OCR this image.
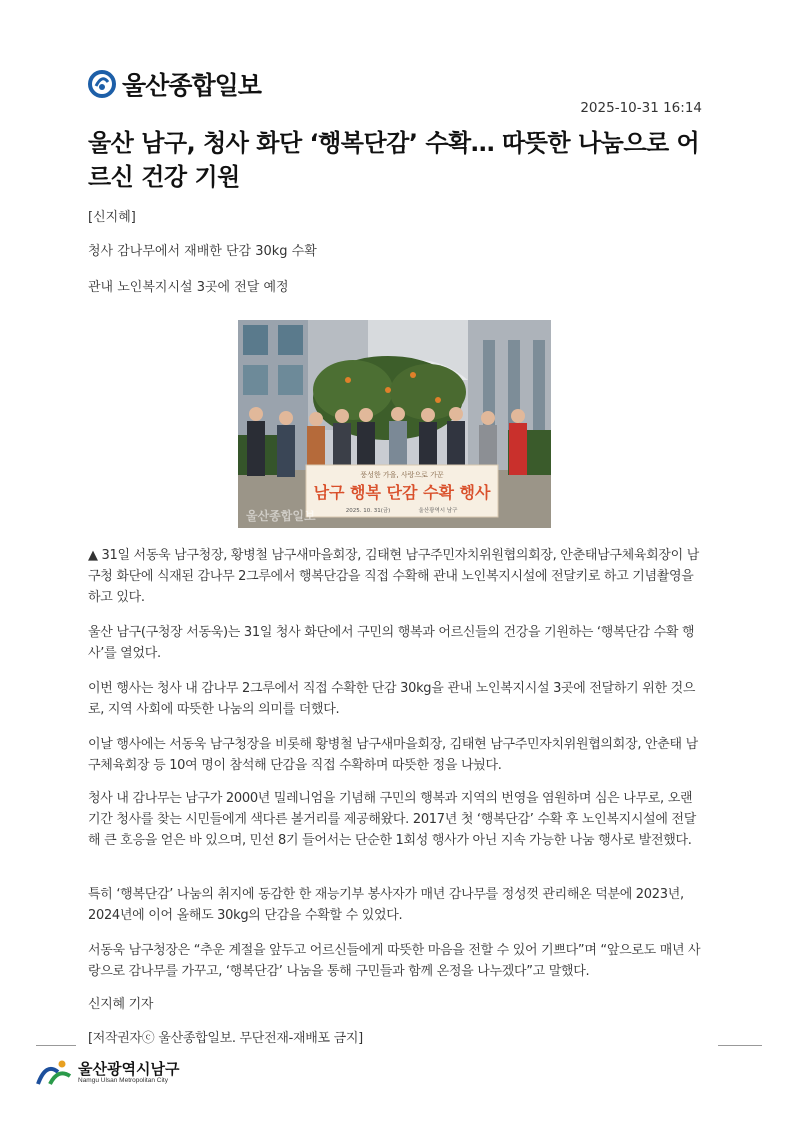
울산종합일보
2025-10-31 16:14
울산 남구, 청사 화단 ‘행복단감’ 수확… 따뜻한 나눔으로 어르신 건강 기원
[신지혜]
청사 감나무에서 재배한 단감 30kg 수확
관내 노인복지시설 3곳에 전달 예정
풍성한 가을, 사랑으로 가꾼
남구 행복 단감 수확 행사
2025. 10. 31(금)	울산광역시 남구
울산종합일보

▲ 31일 서동욱 남구청장, 황병철 남구새마을회장, 김태현 남구주민자치위원협의회장, 안춘태남구체육회장이 남구청 화단에 식재된 감나무 2그루에서 행복단감을 직접 수확해 관내 노인복지시설에 전달키로 하고 기념촬영을 하고 있다.

울산 남구(구청장 서동욱)는 31일 청사 화단에서 구민의 행복과 어르신들의 건강을 기원하는 ‘행복단감 수확 행사’를 열었다.

이번 행사는 청사 내 감나무 2그루에서 직접 수확한 단감 30kg을 관내 노인복지시설 3곳에 전달하기 위한 것으로, 지역 사회에 따뜻한 나눔의 의미를 더했다.

이날 행사에는 서동욱 남구청장을 비롯해 황병철 남구새마을회장, 김태현 남구주민자치위원협의회장, 안춘태 남구체육회장 등 10여 명이 참석해 단감을 직접 수확하며 따뜻한 정을 나눴다.

청사 내 감나무는 남구가 2000년 밀레니엄을 기념해 구민의 행복과 지역의 번영을 염원하며 심은 나무로, 오랜 기간 청사를 찾는 시민들에게 색다른 볼거리를 제공해왔다. 2017년 첫 ‘행복단감’ 수확 후 노인복지시설에 전달해 큰 호응을 얻은 바 있으며, 민선 8기 들어서는 단순한 1회성 행사가 아닌 지속 가능한 나눔 행사로 발전했다.

특히 ‘행복단감’ 나눔의 취지에 동감한 한 재능기부 봉사자가 매년 감나무를 정성껏 관리해온 덕분에 2023년, 2024년에 이어 올해도 30kg의 단감을 수확할 수 있었다.

서동욱 남구청장은 “추운 계절을 앞두고 어르신들에게 따뜻한 마음을 전할 수 있어 기쁘다”며 “앞으로도 매년 사랑으로 감나무를 가꾸고, ‘행복단감’ 나눔을 통해 구민들과 함께 온정을 나누겠다”고 말했다.

신지혜 기자

[저작권자ⓒ 울산종합일보. 무단전재-재배포 금지]

울산광역시남구
Namgu Ulsan Metropolitan City
